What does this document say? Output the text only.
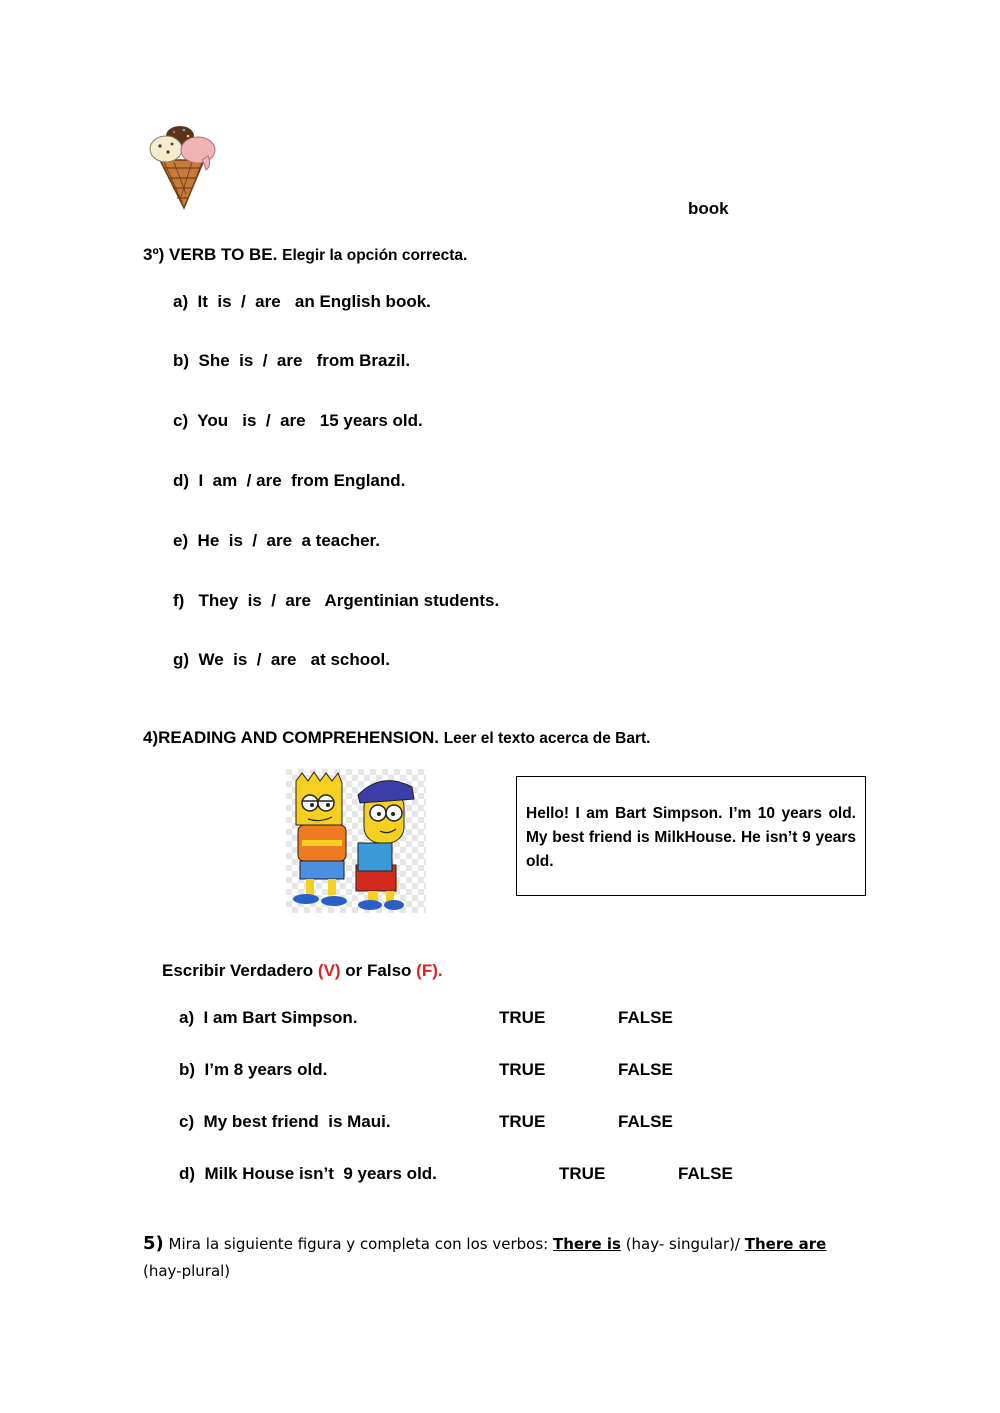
book
3º) VERB TO BE. Elegir la opción correcta.
a)  It  is  /  are   an English book.
b)  She  is  /  are   from Brazil.
c)  You   is  /  are   15 years old.
d)  I  am  / are  from England.
e)  He  is  /  are  a teacher.
f)   They  is  /  are   Argentinian students.
g)  We  is  /  are   at school.
4)READING AND COMPREHENSION. Leer el texto acerca de Bart.

Hello! I am Bart Simpson. I’m 10 years old. My best friend is MilkHouse. He isn’t 9 years old.

Escribir Verdadero (V) or Falso (F).
a)  I am Bart Simpson.	TRUE	FALSE
b)  I’m 8 years old.	TRUE	FALSE
c)  My best friend  is Maui.	TRUE	FALSE
d)  Milk House isn’t  9 years old.	TRUE	FALSE
5) Mira la siguiente figura y completa con los verbos: There is (hay- singular)/ There are (hay-plural)
